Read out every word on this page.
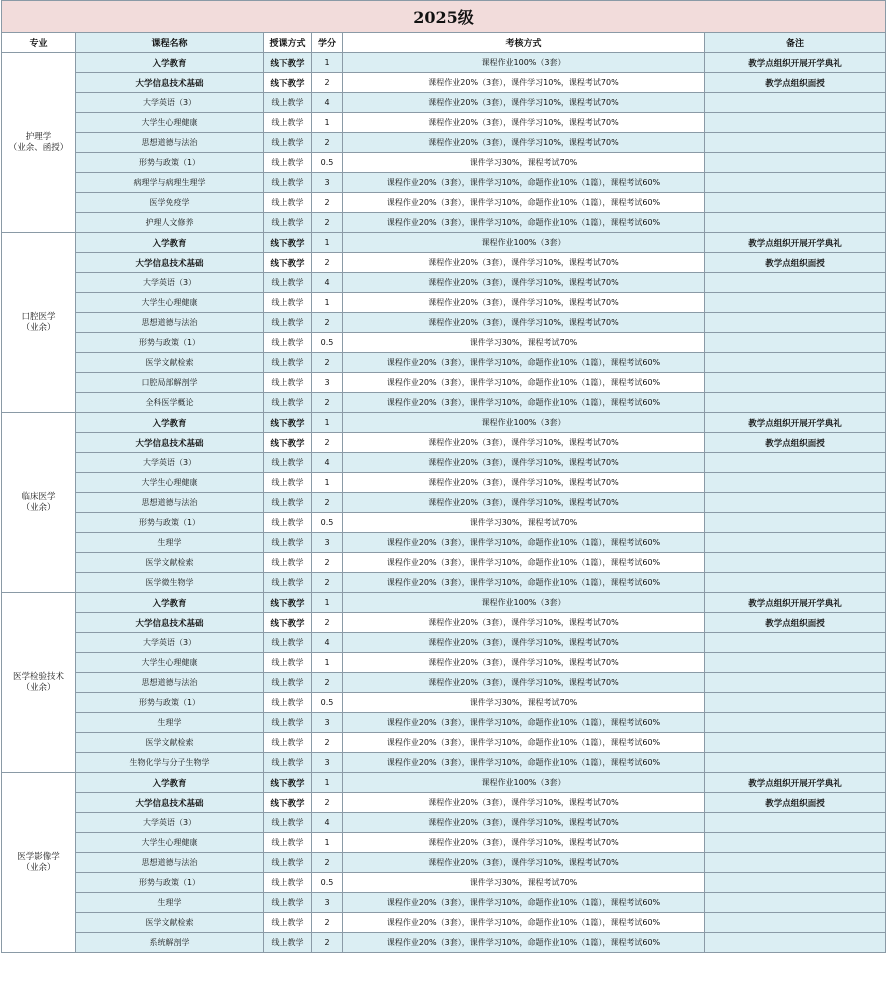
2025级					
专业	课程名称	授课方式	学分	考核方式	备注

护理学
（业余、函授）	入学教育	线下教学	1	课程作业100%（3套）	教学点组织开展开学典礼
	大学信息技术基础	线下教学	2	课程作业20%（3套），课件学习10%，课程考试70%	教学点组织面授
	大学英语（3）	线上教学	4	课程作业20%（3套），课件学习10%，课程考试70%	
	大学生心理健康	线上教学	1	课程作业20%（3套），课件学习10%，课程考试70%	
	思想道德与法治	线上教学	2	课程作业20%（3套），课件学习10%，课程考试70%	
	形势与政策（1）	线上教学	0.5	课件学习30%，课程考试70%	
	病理学与病理生理学	线上教学	3	课程作业20%（3套），课件学习10%，命题作业10%（1篇），课程考试60%	
	医学免疫学	线上教学	2	课程作业20%（3套），课件学习10%，命题作业10%（1篇），课程考试60%	
	护理人文修养	线上教学	2	课程作业20%（3套），课件学习10%，命题作业10%（1篇），课程考试60%	

口腔医学
（业余）	入学教育	线下教学	1	课程作业100%（3套）	教学点组织开展开学典礼
	大学信息技术基础	线下教学	2	课程作业20%（3套），课件学习10%，课程考试70%	教学点组织面授
	大学英语（3）	线上教学	4	课程作业20%（3套），课件学习10%，课程考试70%	
	大学生心理健康	线上教学	1	课程作业20%（3套），课件学习10%，课程考试70%	
	思想道德与法治	线上教学	2	课程作业20%（3套），课件学习10%，课程考试70%	
	形势与政策（1）	线上教学	0.5	课件学习30%，课程考试70%	
	医学文献检索	线上教学	2	课程作业20%（3套），课件学习10%，命题作业10%（1篇），课程考试60%	
	口腔局部解剖学	线上教学	3	课程作业20%（3套），课件学习10%，命题作业10%（1篇），课程考试60%	
	全科医学概论	线上教学	2	课程作业20%（3套），课件学习10%，命题作业10%（1篇），课程考试60%	

临床医学
（业余）	入学教育	线下教学	1	课程作业100%（3套）	教学点组织开展开学典礼
	大学信息技术基础	线下教学	2	课程作业20%（3套），课件学习10%，课程考试70%	教学点组织面授
	大学英语（3）	线上教学	4	课程作业20%（3套），课件学习10%，课程考试70%	
	大学生心理健康	线上教学	1	课程作业20%（3套），课件学习10%，课程考试70%	
	思想道德与法治	线上教学	2	课程作业20%（3套），课件学习10%，课程考试70%	
	形势与政策（1）	线上教学	0.5	课件学习30%，课程考试70%	
	生理学	线上教学	3	课程作业20%（3套），课件学习10%，命题作业10%（1篇），课程考试60%	
	医学文献检索	线上教学	2	课程作业20%（3套），课件学习10%，命题作业10%（1篇），课程考试60%	
	医学微生物学	线上教学	2	课程作业20%（3套），课件学习10%，命题作业10%（1篇），课程考试60%	

医学检验技术
（业余）	入学教育	线下教学	1	课程作业100%（3套）	教学点组织开展开学典礼
	大学信息技术基础	线下教学	2	课程作业20%（3套），课件学习10%，课程考试70%	教学点组织面授
	大学英语（3）	线上教学	4	课程作业20%（3套），课件学习10%，课程考试70%	
	大学生心理健康	线上教学	1	课程作业20%（3套），课件学习10%，课程考试70%	
	思想道德与法治	线上教学	2	课程作业20%（3套），课件学习10%，课程考试70%	
	形势与政策（1）	线上教学	0.5	课件学习30%，课程考试70%	
	生理学	线上教学	3	课程作业20%（3套），课件学习10%，命题作业10%（1篇），课程考试60%	
	医学文献检索	线上教学	2	课程作业20%（3套），课件学习10%，命题作业10%（1篇），课程考试60%	
	生物化学与分子生物学	线上教学	3	课程作业20%（3套），课件学习10%，命题作业10%（1篇），课程考试60%	

医学影像学
（业余）	入学教育	线下教学	1	课程作业100%（3套）	教学点组织开展开学典礼
	大学信息技术基础	线下教学	2	课程作业20%（3套），课件学习10%，课程考试70%	教学点组织面授
	大学英语（3）	线上教学	4	课程作业20%（3套），课件学习10%，课程考试70%	
	大学生心理健康	线上教学	1	课程作业20%（3套），课件学习10%，课程考试70%	
	思想道德与法治	线上教学	2	课程作业20%（3套），课件学习10%，课程考试70%	
	形势与政策（1）	线上教学	0.5	课件学习30%，课程考试70%	
	生理学	线上教学	3	课程作业20%（3套），课件学习10%，命题作业10%（1篇），课程考试60%	
	医学文献检索	线上教学	2	课程作业20%（3套），课件学习10%，命题作业10%（1篇），课程考试60%	
	系统解剖学	线上教学	2	课程作业20%（3套），课件学习10%，命题作业10%（1篇），课程考试60%	
